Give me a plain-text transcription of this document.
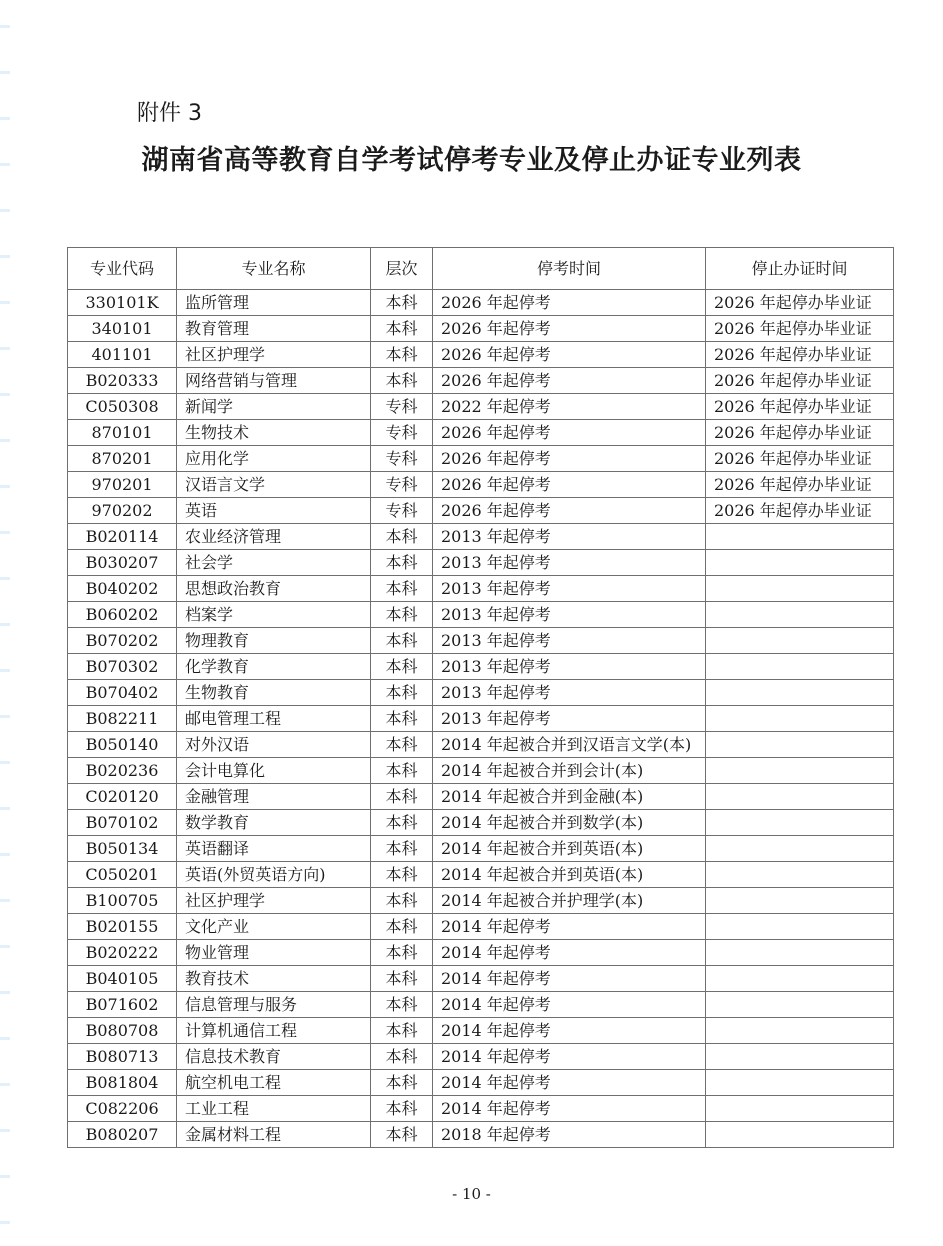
附件 3
湖南省高等教育自学考试停考专业及停止办证专业列表
专业代码	专业名称	层次	停考时间	停止办证时间
330101K	监所管理	本科	2026 年起停考	2026 年起停办毕业证
340101	教育管理	本科	2026 年起停考	2026 年起停办毕业证
401101	社区护理学	本科	2026 年起停考	2026 年起停办毕业证
B020333	网络营销与管理	本科	2026 年起停考	2026 年起停办毕业证
C050308	新闻学	专科	2022 年起停考	2026 年起停办毕业证
870101	生物技术	专科	2026 年起停考	2026 年起停办毕业证
870201	应用化学	专科	2026 年起停考	2026 年起停办毕业证
970201	汉语言文学	专科	2026 年起停考	2026 年起停办毕业证
970202	英语	专科	2026 年起停考	2026 年起停办毕业证
B020114	农业经济管理	本科	2013 年起停考	
B030207	社会学	本科	2013 年起停考	
B040202	思想政治教育	本科	2013 年起停考	
B060202	档案学	本科	2013 年起停考	
B070202	物理教育	本科	2013 年起停考	
B070302	化学教育	本科	2013 年起停考	
B070402	生物教育	本科	2013 年起停考	
B082211	邮电管理工程	本科	2013 年起停考	
B050140	对外汉语	本科	2014 年起被合并到汉语言文学(本)	
B020236	会计电算化	本科	2014 年起被合并到会计(本)	
C020120	金融管理	本科	2014 年起被合并到金融(本)	
B070102	数学教育	本科	2014 年起被合并到数学(本)	
B050134	英语翻译	本科	2014 年起被合并到英语(本)	
C050201	英语(外贸英语方向)	本科	2014 年起被合并到英语(本)	
B100705	社区护理学	本科	2014 年起被合并护理学(本)	
B020155	文化产业	本科	2014 年起停考	
B020222	物业管理	本科	2014 年起停考	
B040105	教育技术	本科	2014 年起停考	
B071602	信息管理与服务	本科	2014 年起停考	
B080708	计算机通信工程	本科	2014 年起停考	
B080713	信息技术教育	本科	2014 年起停考	
B081804	航空机电工程	本科	2014 年起停考	
C082206	工业工程	本科	2014 年起停考	
B080207	金属材料工程	本科	2018 年起停考	
- 10 -
